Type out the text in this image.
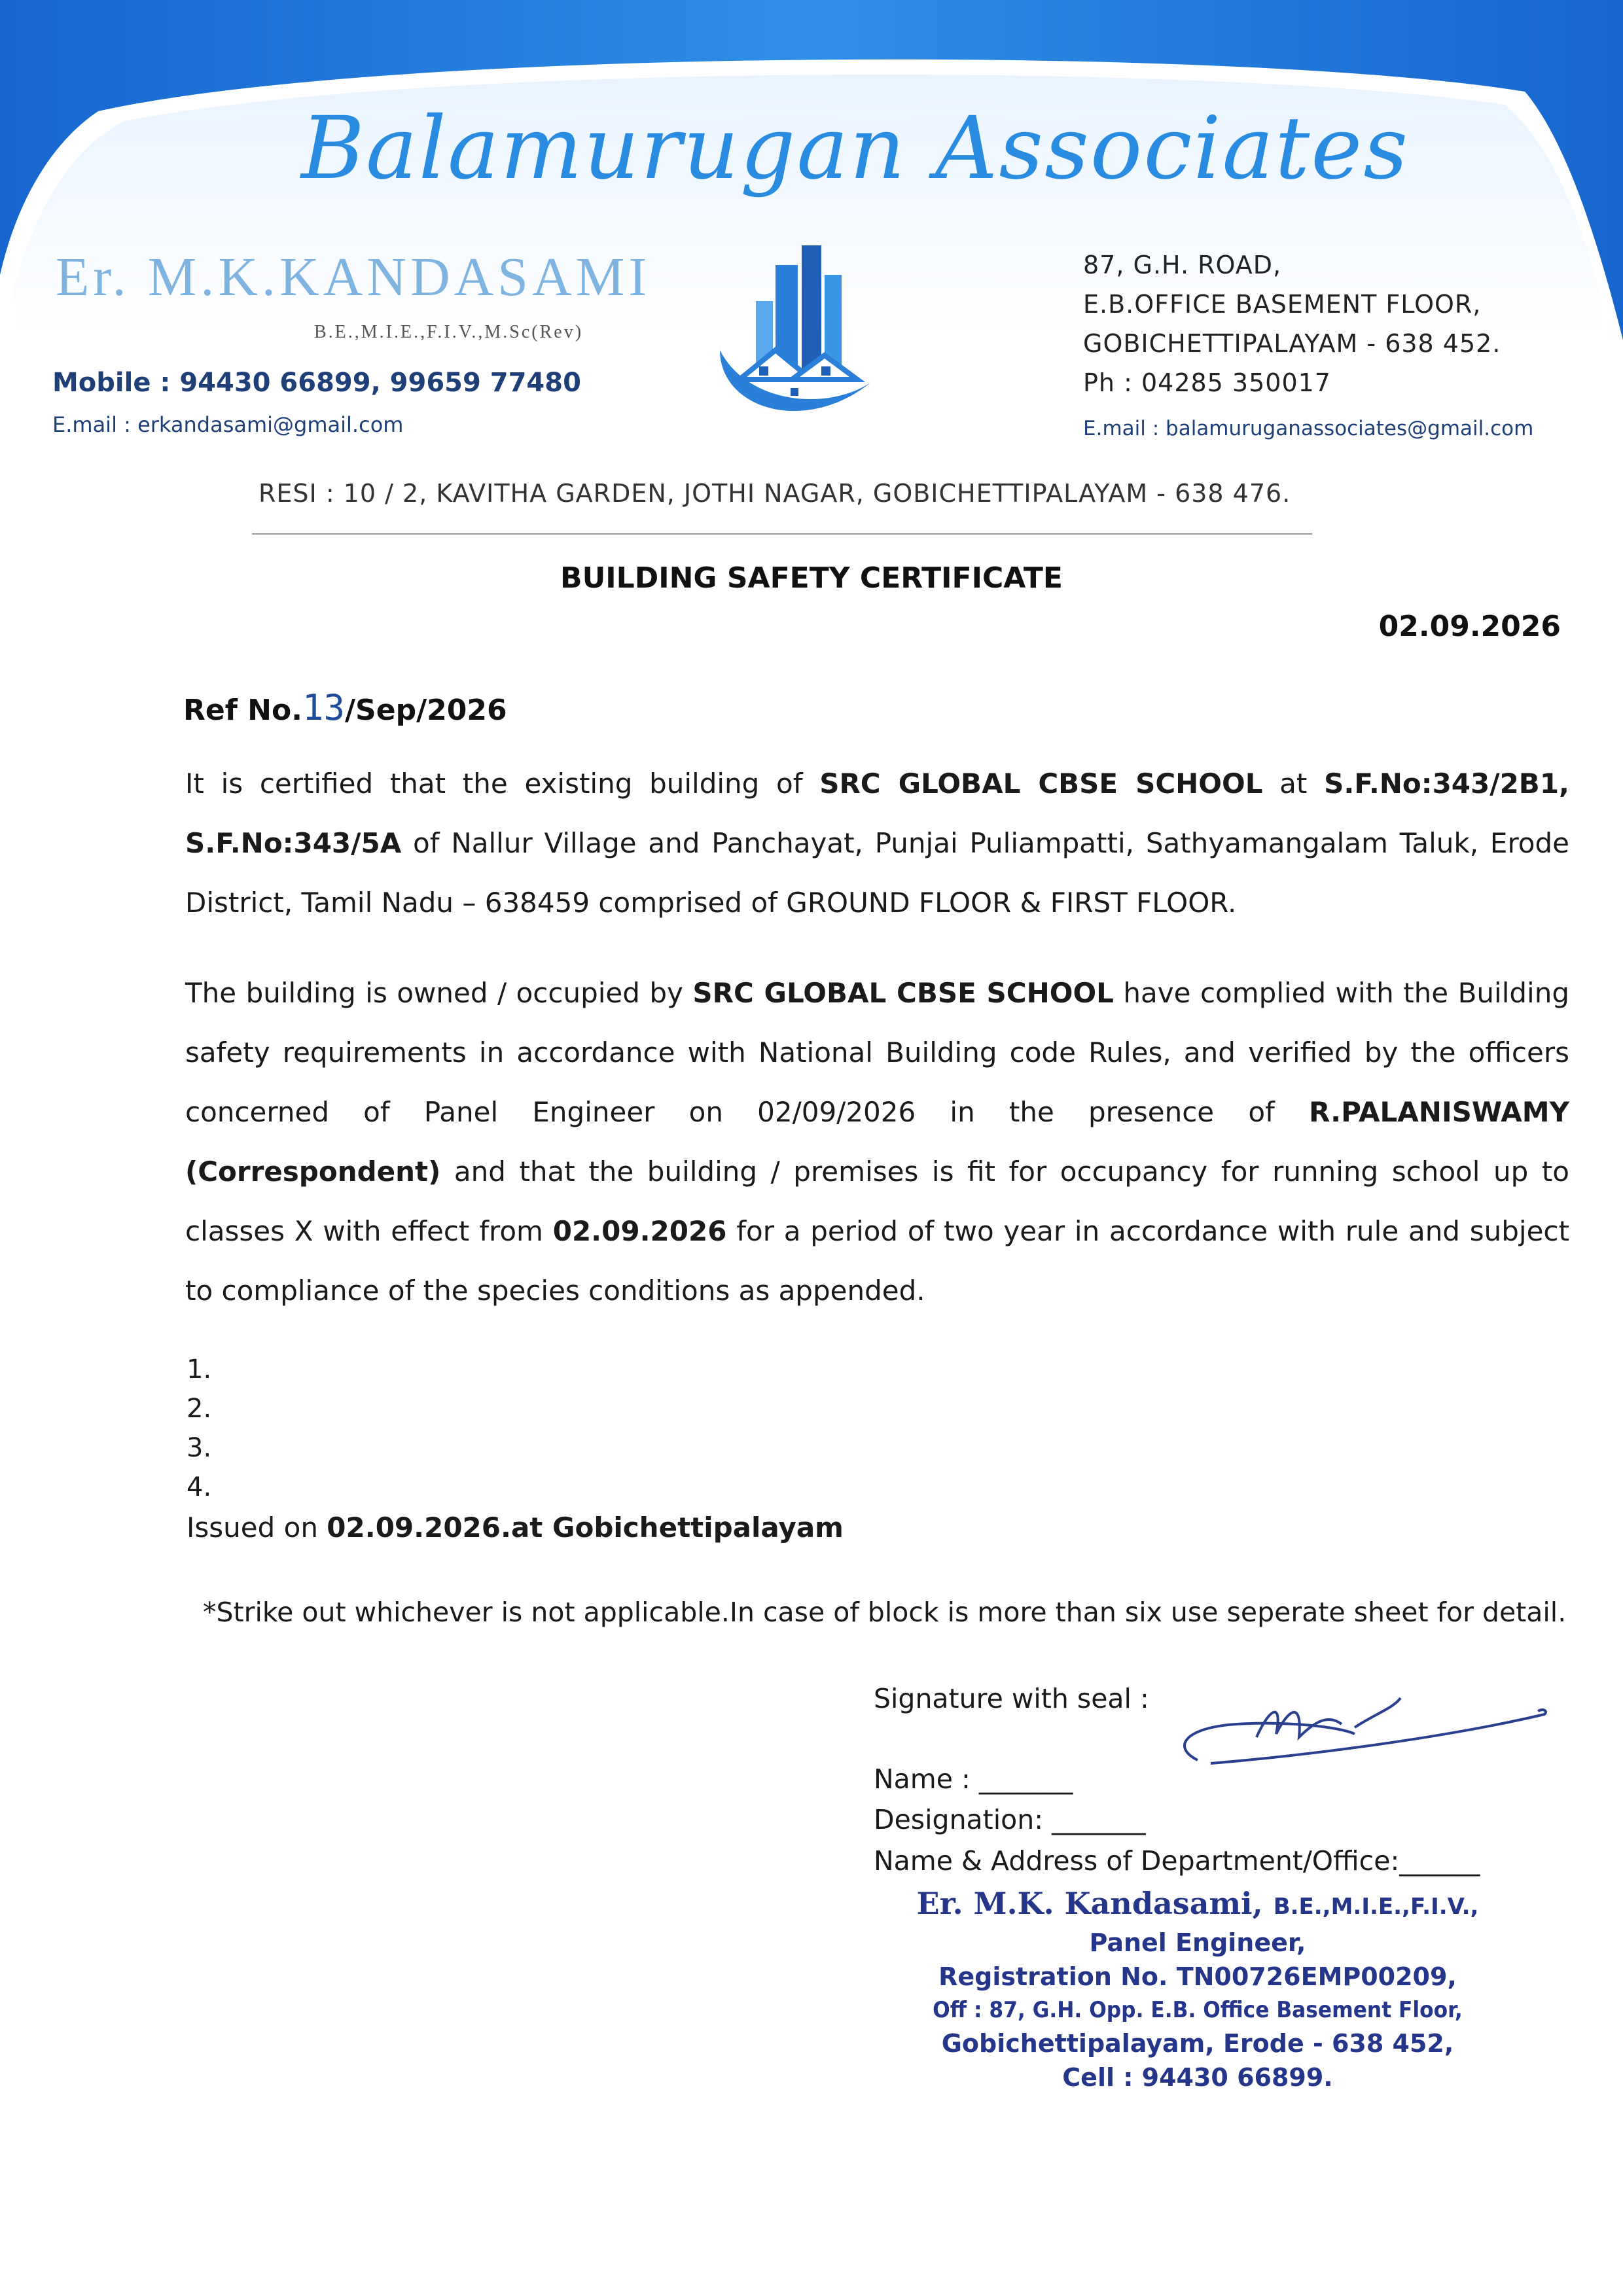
Balamurugan Associates
Er. M.K.KANDASAMI
B.E.,M.I.E.,F.I.V.,M.Sc(Rev)
Mobile : 94430 66899, 99659 77480
E.mail : erkandasami@gmail.com
87, G.H. ROAD,
E.B.OFFICE BASEMENT FLOOR,
GOBICHETTIPALAYAM - 638 452.
Ph : 04285 350017
E.mail : balamuruganassociates@gmail.com
RESI : 10 / 2, KAVITHA GARDEN, JOTHI NAGAR, GOBICHETTIPALAYAM - 638 476.
BUILDING SAFETY CERTIFICATE
02.09.2026
Ref No.13/Sep/2026
It is certified that the existing building of SRC GLOBAL CBSE SCHOOL at S.F.No:343/2B1, S.F.No:343/5A of Nallur Village and Panchayat, Punjai Puliampatti, Sathyamangalam Taluk, Erode District, Tamil Nadu – 638459 comprised of GROUND FLOOR & FIRST FLOOR.
The building is owned / occupied by SRC GLOBAL CBSE SCHOOL have complied with the Building safety requirements in accordance with National Building code Rules, and verified by the officers concerned of Panel Engineer on 02/09/2026 in the presence of R.PALANISWAMY (Correspondent) and that the building / premises is fit for occupancy for running school up to classes X with effect from 02.09.2026 for a period of two year in accordance with rule and subject to compliance of the species conditions as appended.
1.
2.
3.
4.
Issued on 02.09.2026.at Gobichettipalayam
*Strike out whichever is not applicable.In case of block is more than six use seperate sheet for detail.
Signature with seal :
Name : _______
Designation: _______
Name & Address of Department/Office:______
Er. M.K. Kandasami, B.E.,M.I.E.,F.I.V.,
Panel Engineer,
Registration No. TN00726EMP00209,
Off : 87, G.H. Opp. E.B. Office Basement Floor,
Gobichettipalayam, Erode - 638 452,
Cell : 94430 66899.
